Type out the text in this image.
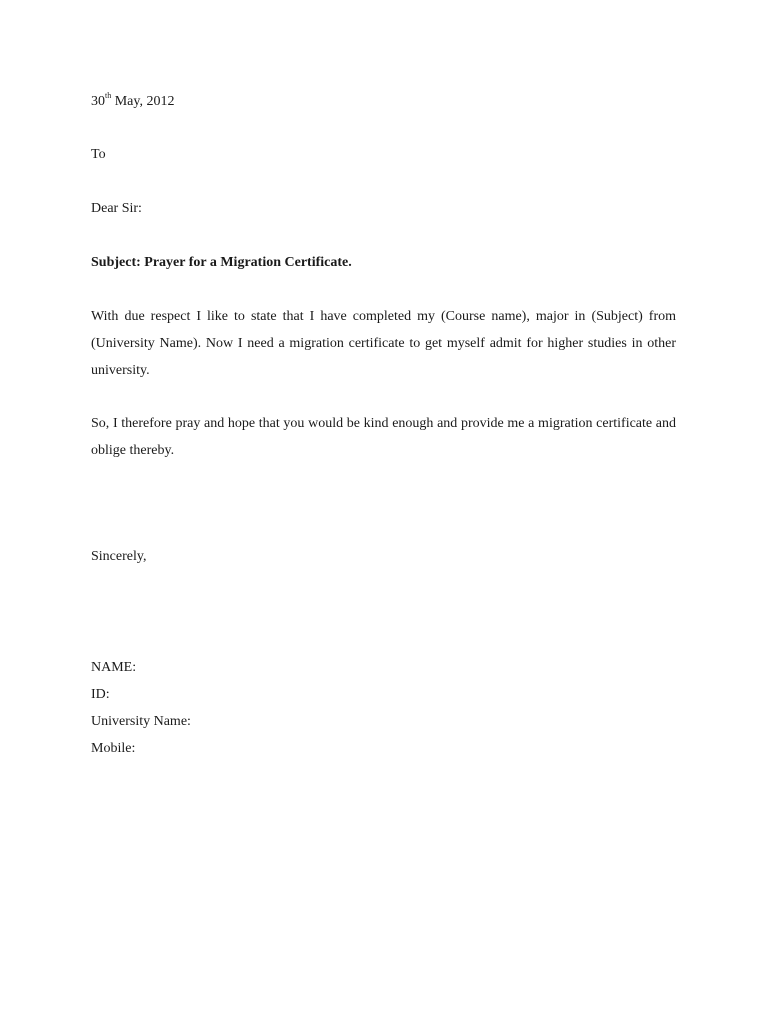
30th May, 2012
To
Dear Sir:
Subject: Prayer for a Migration Certificate.
With due respect I like to state that I have completed my (Course name), major in (Subject) from (University Name). Now I need a migration certificate to get myself admit for higher studies in other university.
So, I therefore pray and hope that you would be kind enough and provide me a migration certificate and oblige thereby.
Sincerely,
NAME:
ID:
University Name:
Mobile:
